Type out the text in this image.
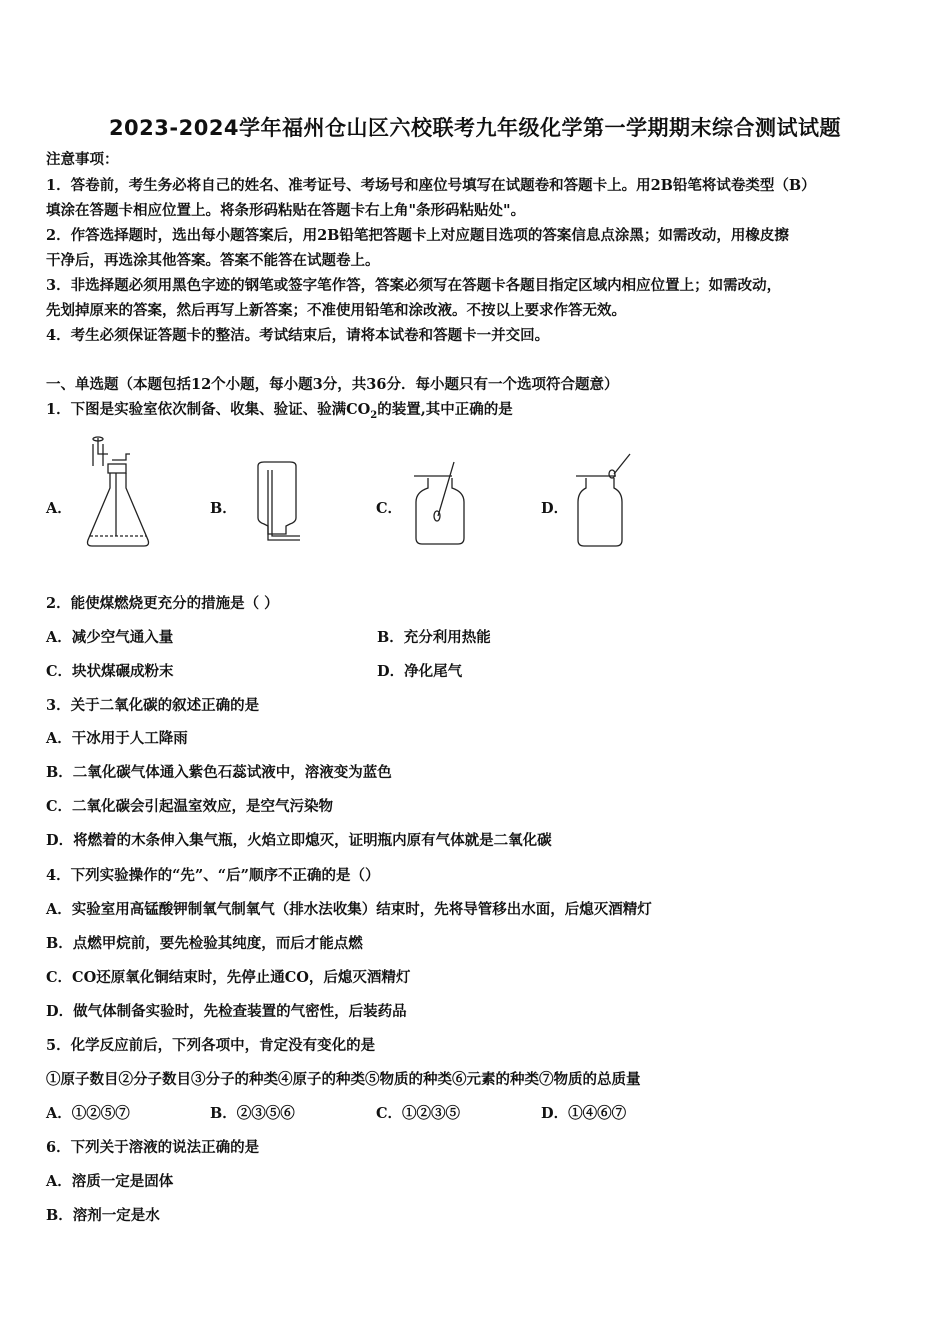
2023-2024学年福州仓山区六校联考九年级化学第一学期期末综合测试试题
注意事项：
1．答卷前，考生务必将自己的姓名、准考证号、考场号和座位号填写在试题卷和答题卡上。用2B铅笔将试卷类型（B）
填涂在答题卡相应位置上。将条形码粘贴在答题卡右上角"条形码粘贴处"。
2．作答选择题时，选出每小题答案后，用2B铅笔把答题卡上对应题目选项的答案信息点涂黑；如需改动，用橡皮擦
干净后，再选涂其他答案。答案不能答在试题卷上。
3．非选择题必须用黑色字迹的钢笔或签字笔作答，答案必须写在答题卡各题目指定区域内相应位置上；如需改动，
先划掉原来的答案，然后再写上新答案；不准使用铅笔和涂改液。不按以上要求作答无效。
4．考生必须保证答题卡的整洁。考试结束后，请将本试卷和答题卡一并交回。
一、单选题（本题包括12个小题，每小题3分，共36分．每小题只有一个选项符合题意）
1．下图是实验室依次制备、收集、验证、验满$CO_2$的装置,其中正确的是
A．	B．	C．	D．
2．能使煤燃烧更充分的措施是（ ）
A．减少空气通入量	B．充分利用热能
C．块状煤碾成粉末	D．净化尾气
3．关于二氧化碳的叙述正确的是
A．干冰用于人工降雨
B．二氧化碳气体通入紫色石蕊试液中，溶液变为蓝色
C．二氧化碳会引起温室效应，是空气污染物
D．将燃着的木条伸入集气瓶，火焰立即熄灭，证明瓶内原有气体就是二氧化碳
4．下列实验操作的“先”、“后”顺序不正确的是（）
A．实验室用高锰酸钾制氧气制氧气（排水法收集）结束时，先将导管移出水面，后熄灭酒精灯
B．点燃甲烷前，要先检验其纯度，而后才能点燃
C．CO还原氧化铜结束时，先停止通CO，后熄灭酒精灯
D．做气体制备实验时，先检查装置的气密性，后装药品
5．化学反应前后，下列各项中，肯定没有变化的是
①原子数目②分子数目③分子的种类④原子的种类⑤物质的种类⑥元素的种类⑦物质的总质量
A．①②⑤⑦	B．②③⑤⑥	C．①②③⑤	D．①④⑥⑦
6．下列关于溶液的说法正确的是
A．溶质一定是固体
B．溶剂一定是水
